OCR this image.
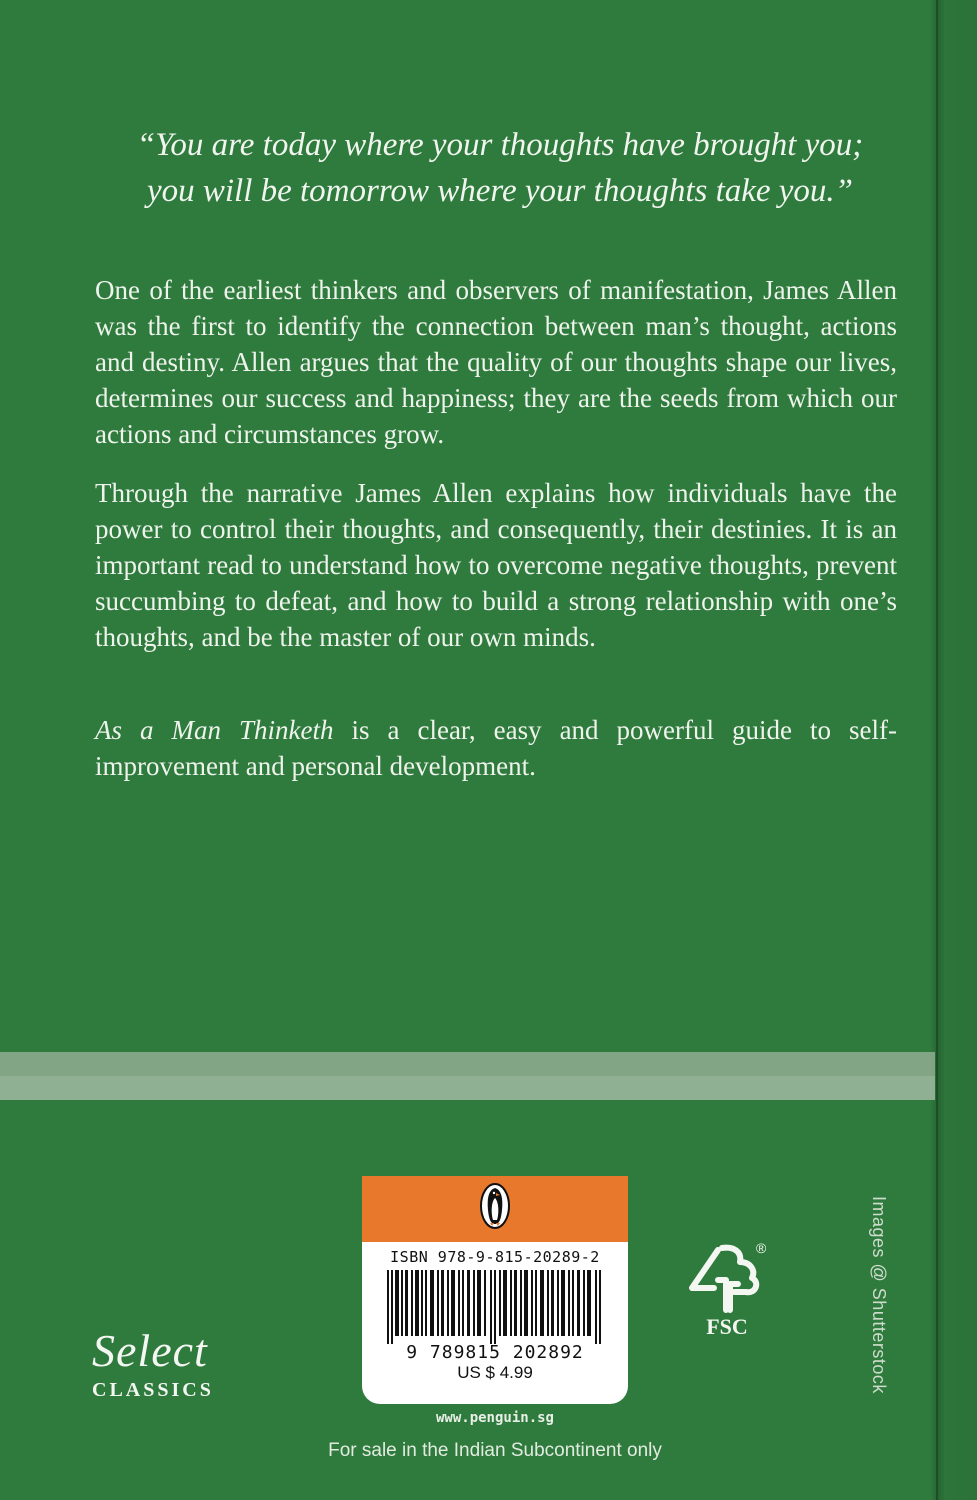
“You are today where your thoughts have brought you;
you will be tomorrow where your thoughts take you.”
One of the earliest thinkers and observers of manifestation, James Allen was the first to identify the connection between man’s thought, actions and destiny. Allen argues that the quality of our thoughts shape our lives, determines our success and happiness; they are the seeds from which our actions and circumstances grow.
Through the narrative James Allen explains how individuals have the power to control their thoughts, and consequently, their destinies. It is an important read to understand how to overcome negative thoughts, prevent succumbing to defeat, and how to build a strong relationship with one’s thoughts, and be the master of our own minds.
As a Man Thinketh is a clear, easy and powerful guide to self-improvement and personal development.
Images @ Shutterstock
Select
CLASSICS
ISBN 978-9-815-20289-2
9 789815 202892
US $ 4.99
www.penguin.sg
FSC
®
For sale in the Indian Subcontinent only
